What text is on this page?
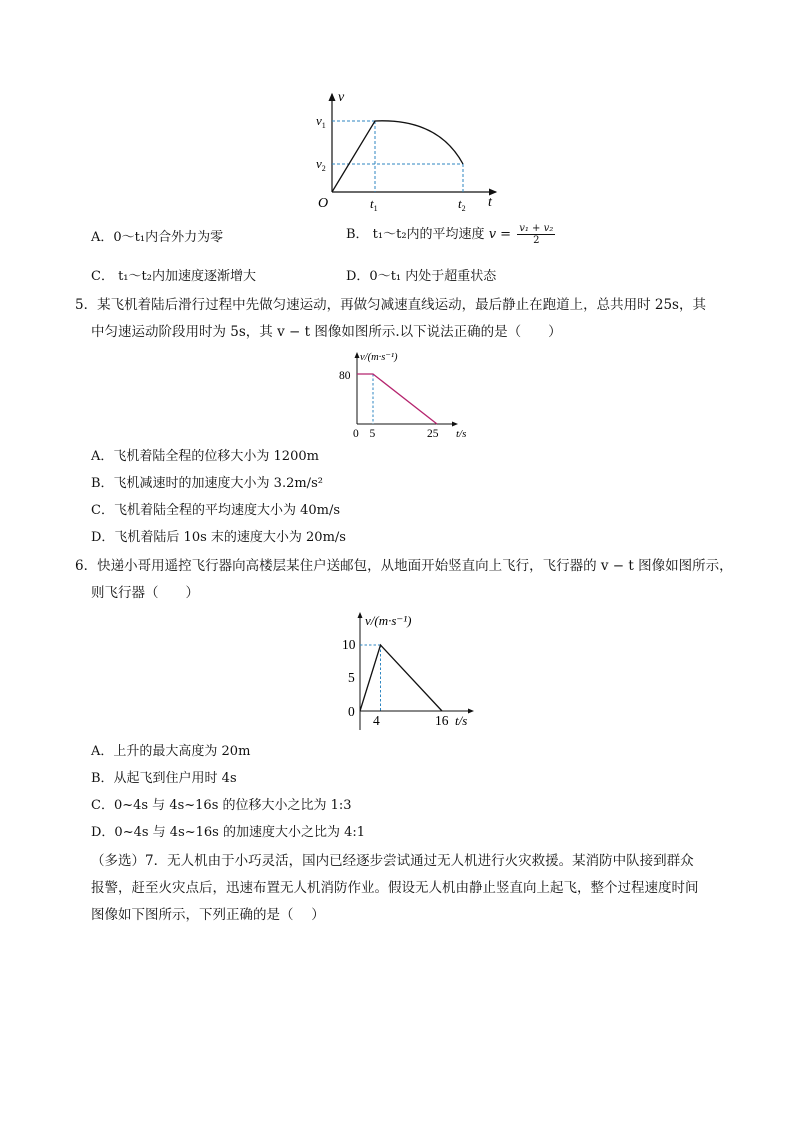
v
t
O
$v_1$
$v_2$
$t_1$	$t_2$
A．0～t₁内合外力为零	B． t₁～t₂内的平均速度 $v = \frac{\text{v₁ + v₂}}{2}$
C． t₁～t₂内加速度逐渐增大	D．0～t₁ 内处于超重状态
5．某飞机着陆后滑行过程中先做匀速运动，再做匀减速直线运动，最后静止在跑道上，总共用时 25s，其
中匀速运动阶段用时为 5s，其 v − t 图像如图所示.以下说法正确的是（　　）
v/(m·s⁻¹)
80
0 5	25 t/s
A．飞机着陆全程的位移大小为 1200m
B．飞机减速时的加速度大小为 3.2m/s²
C．飞机着陆全程的平均速度大小为 40m/s
D．飞机着陆后 10s 末的速度大小为 20m/s
6．快递小哥用遥控飞行器向高楼层某住户送邮包，从地面开始竖直向上飞行，飞行器的 v − t 图像如图所示，
则飞行器（　　）
v/(m·s⁻¹)
10
5
0
4	16 t/s
A．上升的最大高度为 20m
B．从起飞到住户用时 4s
C．0~4s 与 4s~16s 的位移大小之比为 1:3
D．0~4s 与 4s~16s 的加速度大小之比为 4:1
（多选）7．无人机由于小巧灵活，国内已经逐步尝试通过无人机进行火灾救援。某消防中队接到群众
报警，赶至火灾点后，迅速布置无人机消防作业。假设无人机由静止竖直向上起飞，整个过程速度时间
图像如下图所示，下列正确的是（　 ）
